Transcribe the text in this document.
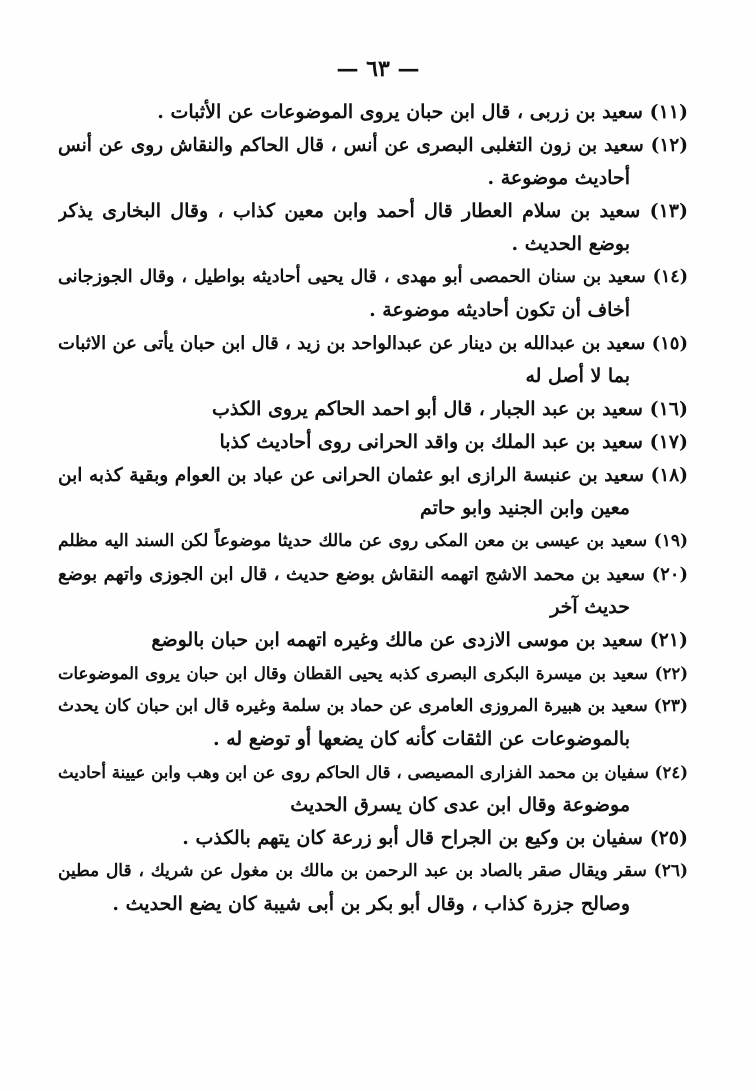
— ٦٣ —
(١١) سعيد بن زربى ، قال ابن حبان يروى الموضوعات عن الأثبات .
(١٢) سعيد بن زون التغلبى البصرى عن أنس ، قال الحاكم والنقاش روى عن أنس
أحاديث موضوعة .
(١٣) سعيد بن سلام العطار قال أحمد وابن معين كذاب ، وقال البخارى يذكر
بوضع الحديث .
(١٤) سعيد بن سنان الحمصى أبو مهدى ، قال يحيى أحاديثه بواطيل ، وقال الجوزجانى
أخاف أن تكون أحاديثه موضوعة .
(١٥) سعيد بن عبدالله بن دينار عن عبدالواحد بن زيد ، قال ابن حبان يأتى عن الاثبات
بما لا أصل له
(١٦) سعيد بن عبد الجبار ، قال أبو احمد الحاكم يروى الكذب
(١٧) سعيد بن عبد الملك بن واقد الحرانى روى أحاديث كذبا
(١٨) سعيد بن عنبسة الرازى ابو عثمان الحرانى عن عباد بن العوام وبقية كذبه ابن
معين وابن الجنيد وابو حاتم
(١٩) سعيد بن عيسى بن معن المكى روى عن مالك حديثا موضوعاً لكن السند اليه مظلم
(٢٠) سعيد بن محمد الاشج اتهمه النقاش بوضع حديث ، قال ابن الجوزى واتهم بوضع
حديث آخر
(٢١) سعيد بن موسى الازدى عن مالك وغيره اتهمه ابن حبان بالوضع
(٢٢) سعيد بن ميسرة البكرى البصرى كذبه يحيى القطان وقال ابن حبان يروى الموضوعات
(٢٣) سعيد بن هبيرة المروزى العامرى عن حماد بن سلمة وغيره قال ابن حبان كان يحدث
بالموضوعات عن الثقات كأنه كان يضعها أو توضع له .
(٢٤) سفيان بن محمد الفزارى المصيصى ، قال الحاكم روى عن ابن وهب وابن عيينة أحاديث
موضوعة وقال ابن عدى كان يسرق الحديث
(٢٥) سفيان بن وكيع بن الجراح قال أبو زرعة كان يتهم بالكذب .
(٢٦) سقر ويقال صقر بالصاد بن عبد الرحمن بن مالك بن مغول عن شريك ، قال مطين
وصالح جزرة كذاب ، وقال أبو بكر بن أبى شيبة كان يضع الحديث .
